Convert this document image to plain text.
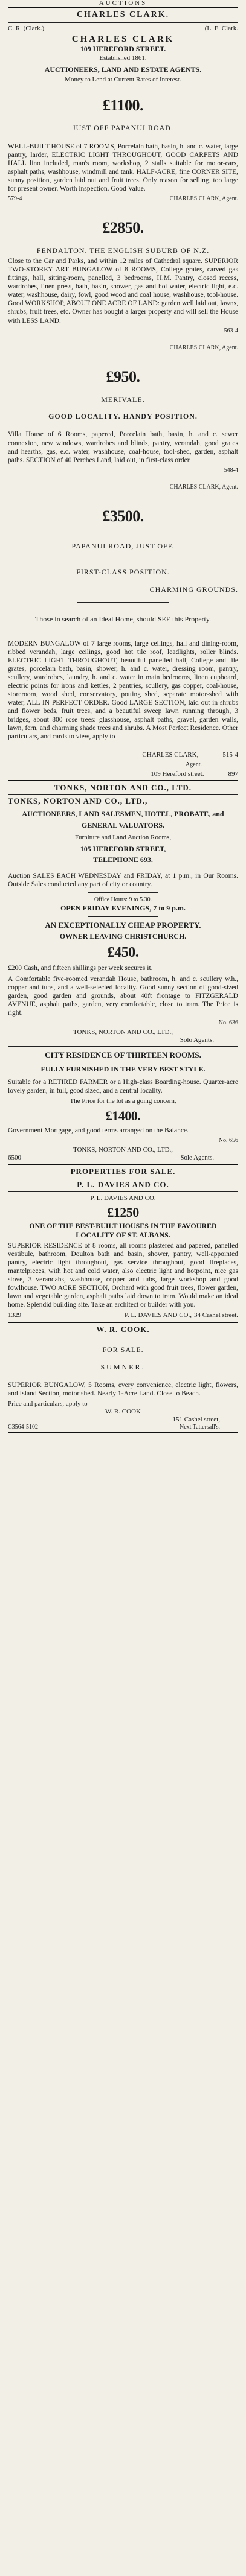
AUCTIONS
CHARLES CLARK.
C. R. (Clark.)	(L. E. Clark.
CHARLES CLARK
109 HEREFORD STREET.
Established 1861.
AUCTIONEERS, LAND AND ESTATE AGENTS.
Money to Lend at Current Rates of Interest.
£1100.
JUST OFF PAPANUI ROAD.

WELL-BUILT HOUSE of 7 ROOMS, Porcelain bath, basin, h. and c. water, large pantry, larder, ELECTRIC LIGHT THROUGHOUT, GOOD CARPETS AND HALL lino included, man's room, workshop, 2 stalls suitable for motor-cars, asphalt paths, washhouse, windmill and tank. HALF-ACRE, fine CORNER SITE, sunny position, garden laid out and fruit trees. Only reason for selling, too large for present owner. Worth inspection. Good Value.

579-4	CHARLES CLARK, Agent.
£2850.
FENDALTON. THE ENGLISH SUBURB OF N.Z.

Close to the Car and Parks, and within 12 miles of Cathedral square. SUPERIOR TWO-STOREY ART BUNGALOW of 8 ROOMS, College grates, carved gas fittings, hall, sitting-room, panelled, 3 bedrooms, H.M. Pantry, closed recess, wardrobes, linen press, bath, basin, shower, gas and hot water, electric light, e.c. water, washhouse, dairy, fowl, good wood and coal house, washhouse, tool-house. Good WORKSHOP, ABOUT ONE ACRE OF LAND: garden well laid out, lawns, shrubs, fruit trees, etc. Owner has bought a larger property and will sell the House with LESS LAND.

563-4
CHARLES CLARK, Agent.
£950.
MERIVALE.
GOOD LOCALITY. HANDY POSITION.

Villa House of 6 Rooms, papered, Porcelain bath, basin, h. and c. sewer connexion, new windows, wardrobes and blinds, pantry, verandah, good grates and hearths, gas, e.c. water, washhouse, coal-house, tool-shed, garden, asphalt paths. SECTION of 40 Perches Land, laid out, in first-class order.

548-4
CHARLES CLARK, Agent.
£3500.
PAPANUI ROAD, JUST OFF.
FIRST-CLASS POSITION.
CHARMING GROUNDS.
Those in search of an Ideal Home, should SEE this Property.

MODERN BUNGALOW of 7 large rooms, large ceilings, hall and dining-room, ribbed verandah, large ceilings, good hot tile roof, leadlights, roller blinds. ELECTRIC LIGHT THROUGHOUT, beautiful panelled hall, College and tile grates, porcelain bath, basin, shower, h. and c. water, dressing room, pantry, scullery, wardrobes, laundry, h. and c. water in main bedrooms, linen cupboard, electric points for irons and kettles, 2 pantries, scullery, gas copper, coal-house, storeroom, wood shed, conservatory, potting shed, separate motor-shed with water, ALL IN PERFECT ORDER. Good LARGE SECTION, laid out in shrubs and flower beds, fruit trees, and a beautiful sweep lawn running through, 3 bridges, about 800 rose trees: glasshouse, asphalt paths, gravel, garden walls, lawn, fern, and charming shade trees and shrubs. A Most Perfect Residence. Other particulars, and cards to view, apply to

CHARLES CLARK,	515-4
Agent.
109 Hereford street.	897
TONKS, NORTON AND CO., LTD.
TONKS, NORTON AND CO., LTD.,
AUCTIONEERS, LAND SALESMEN, HOTEL, PROBATE, and GENERAL VALUATORS.
Furniture and Land Auction Rooms,
105 HEREFORD STREET,
TELEPHONE 693.

Auction SALES EACH WEDNESDAY and FRIDAY, at 1 p.m., in Our Rooms. Outside Sales conducted any part of city or country.

Office Hours: 9 to 5.30.
OPEN FRIDAY EVENINGS, 7 to 9 p.m.
AN EXCEPTIONALLY CHEAP PROPERTY.
OWNER LEAVING CHRISTCHURCH.
£450.

£200 Cash, and fifteen shillings per week secures it.

A Comfortable five-roomed verandah House, bathroom, h. and c. scullery w.h., copper and tubs, and a well-selected locality. Good sunny section of good-sized garden, good garden and grounds, about 40ft frontage to FITZGERALD AVENUE, asphalt paths, garden, very comfortable, close to tram. The Price is right.

No. 636
TONKS, NORTON AND CO., LTD.,
Solo Agents.
CITY RESIDENCE OF THIRTEEN ROOMS.
FULLY FURNISHED IN THE VERY BEST STYLE.

Suitable for a RETIRED FARMER or a High-class Boarding-house. Quarter-acre lovely garden, in full, good sized, and a central locality.

The Price for the lot as a going concern,
£1400.

Government Mortgage, and good terms arranged on the Balance.

No. 656
TONKS, NORTON AND CO., LTD.,
6500	Sole Agents.
PROPERTIES FOR SALE.
P. L. DAVIES AND CO.
P. L. DAVIES AND CO.
£1250
ONE OF THE BEST-BUILT HOUSES IN THE FAVOURED LOCALITY OF ST. ALBANS.

SUPERIOR RESIDENCE of 8 rooms, all rooms plastered and papered, panelled vestibule, bathroom, Doulton bath and basin, shower, pantry, well-appointed pantry, electric light throughout, gas service throughout, good fireplaces, mantelpieces, with hot and cold water, also electric light and hotpoint, nice gas stove, 3 verandahs, washhouse, copper and tubs, large workshop and good fowlhouse. TWO ACRE SECTION, Orchard with good fruit trees, flower garden, lawn and vegetable garden, asphalt paths laid down to tram. Would make an ideal home. Splendid building site. Take an architect or builder with you.

1329	P. L. DAVIES AND CO., 34 Cashel street.
W. R. COOK.
FOR SALE.
SUMNER.

SUPERIOR BUNGALOW, 5 Rooms, every convenience, electric light, flowers, and Island Section, motor shed. Nearly 1-Acre Land. Close to Beach.

Price and particulars, apply to
W. R. COOK
151 Cashel street,
C3564-5102	Next Tattersall's.
